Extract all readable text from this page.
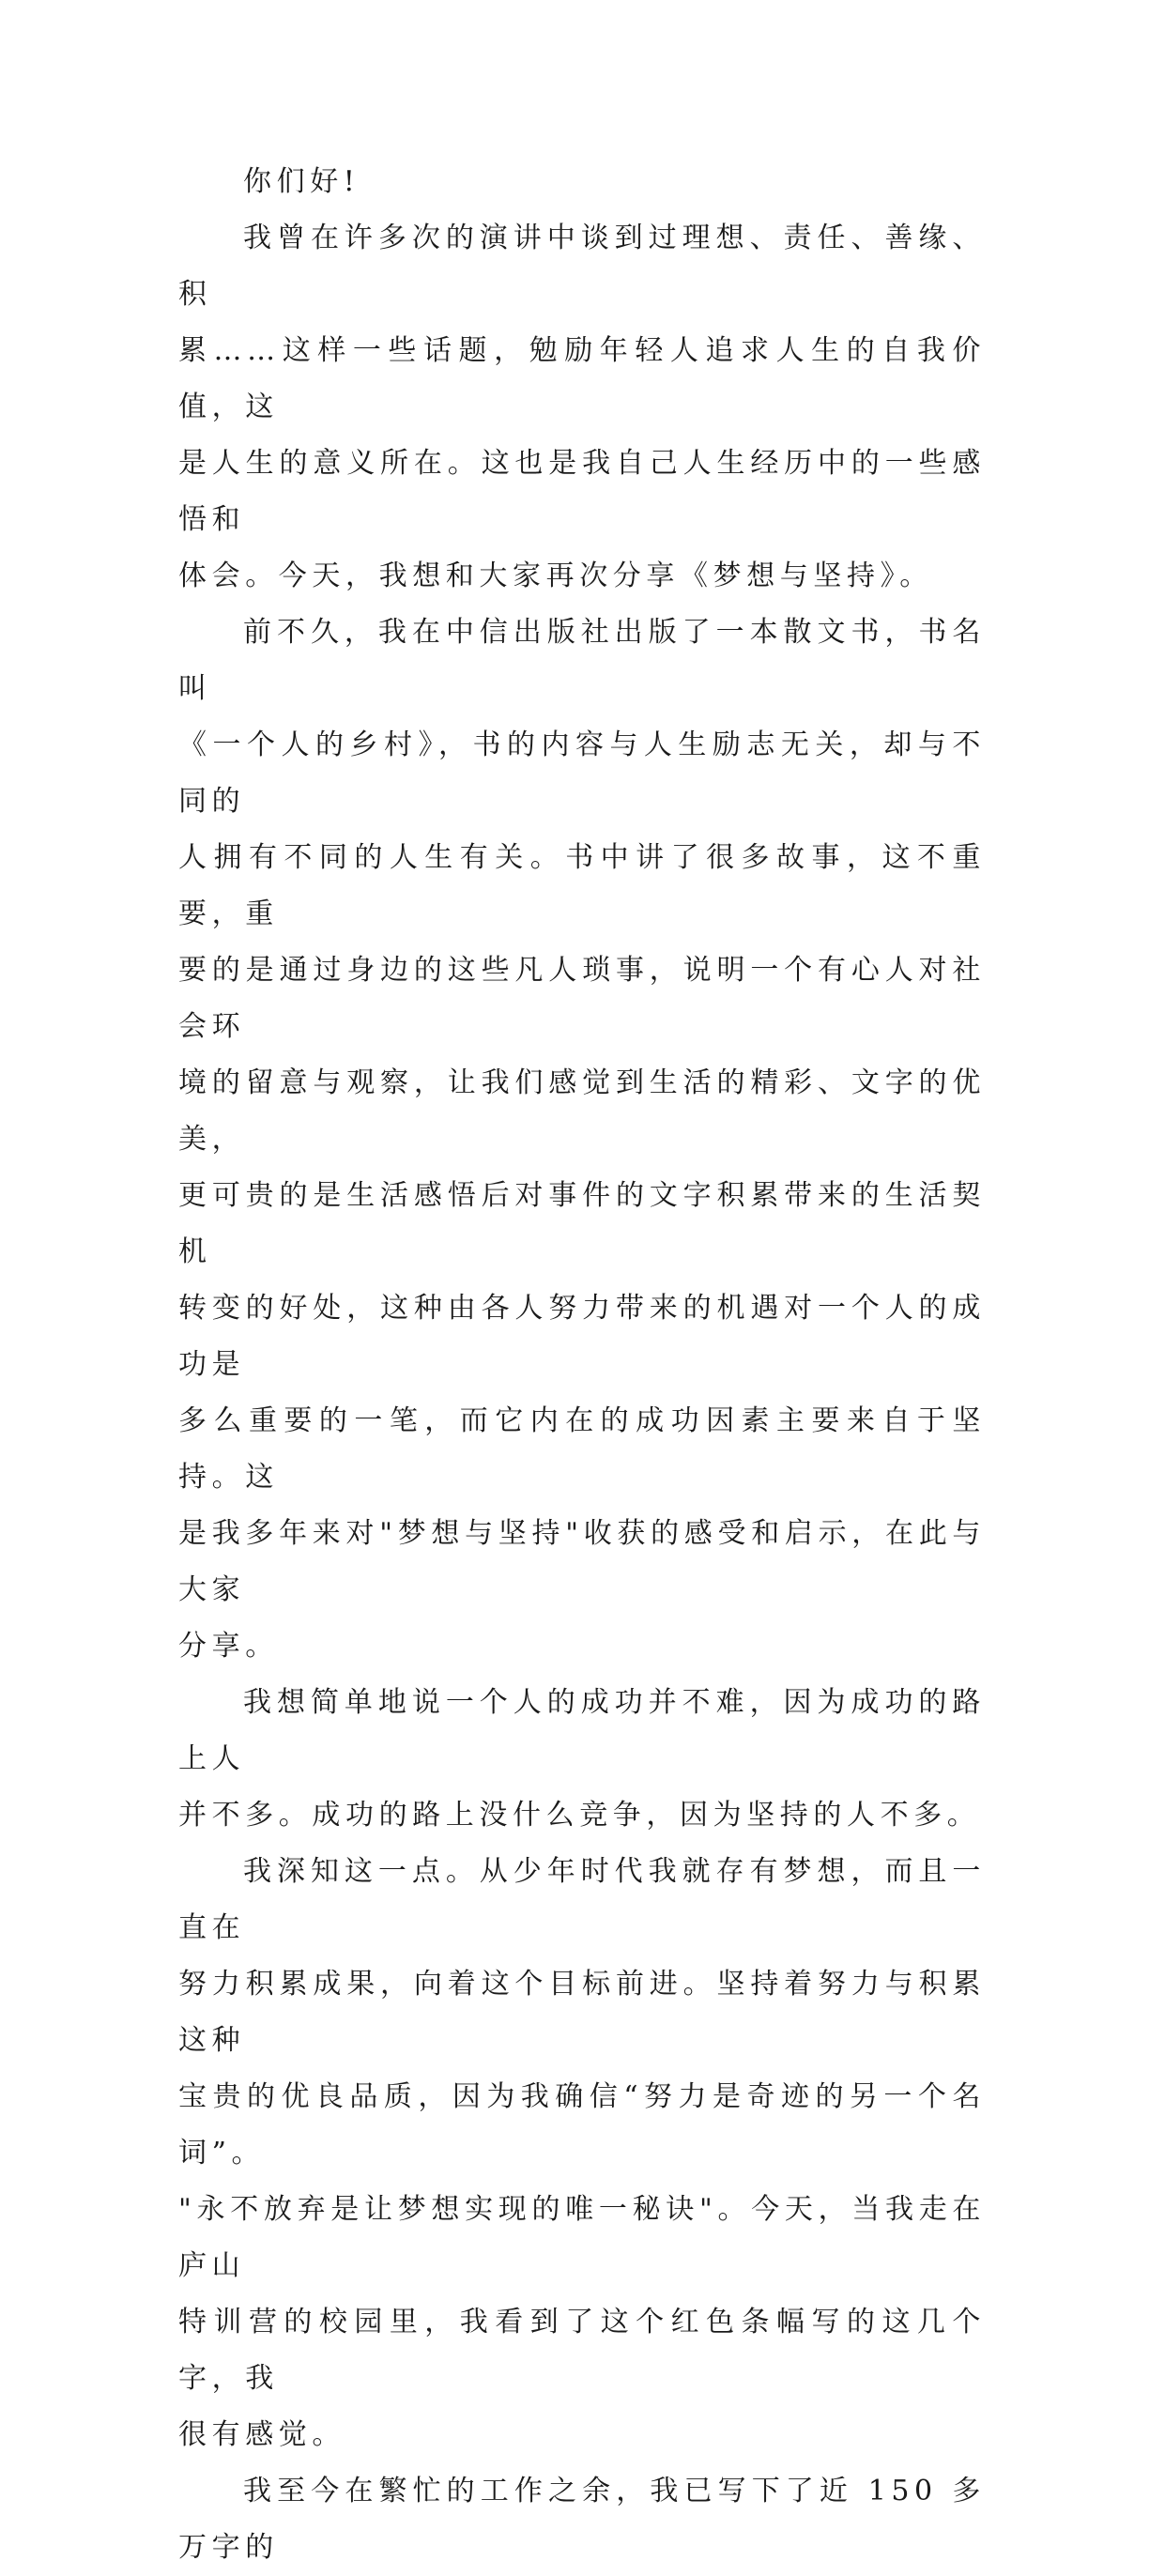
你们好!

我曾在许多次的演讲中谈到过理想、责任、善缘、积
累……这样一些话题，勉励年轻人追求人生的自我价值，这
是人生的意义所在。这也是我自己人生经历中的一些感悟和
体会。今天，我想和大家再次分享《梦想与坚持》。

前不久，我在中信出版社出版了一本散文书，书名叫
《一个人的乡村》，书的内容与人生励志无关，却与不同的
人拥有不同的人生有关。书中讲了很多故事，这不重要，重
要的是通过身边的这些凡人琐事，说明一个有心人对社会环
境的留意与观察，让我们感觉到生活的精彩、文字的优美，
更可贵的是生活感悟后对事件的文字积累带来的生活契机
转变的好处，这种由各人努力带来的机遇对一个人的成功是
多么重要的一笔，而它内在的成功因素主要来自于坚持。这
是我多年来对"梦想与坚持"收获的感受和启示，在此与大家
分享。

我想简单地说一个人的成功并不难，因为成功的路上人
并不多。成功的路上没什么竞争，因为坚持的人不多。

我深知这一点。从少年时代我就存有梦想，而且一直在
努力积累成果，向着这个目标前进。坚持着努力与积累这种
宝贵的优良品质，因为我确信“努力是奇迹的另一个名词”。
"永不放弃是让梦想实现的唯一秘诀"。今天，当我走在庐山
特训营的校园里，我看到了这个红色条幅写的这几个字，我
很有感觉。

我至今在繁忙的工作之余，我已写下了近 150 多万字的
